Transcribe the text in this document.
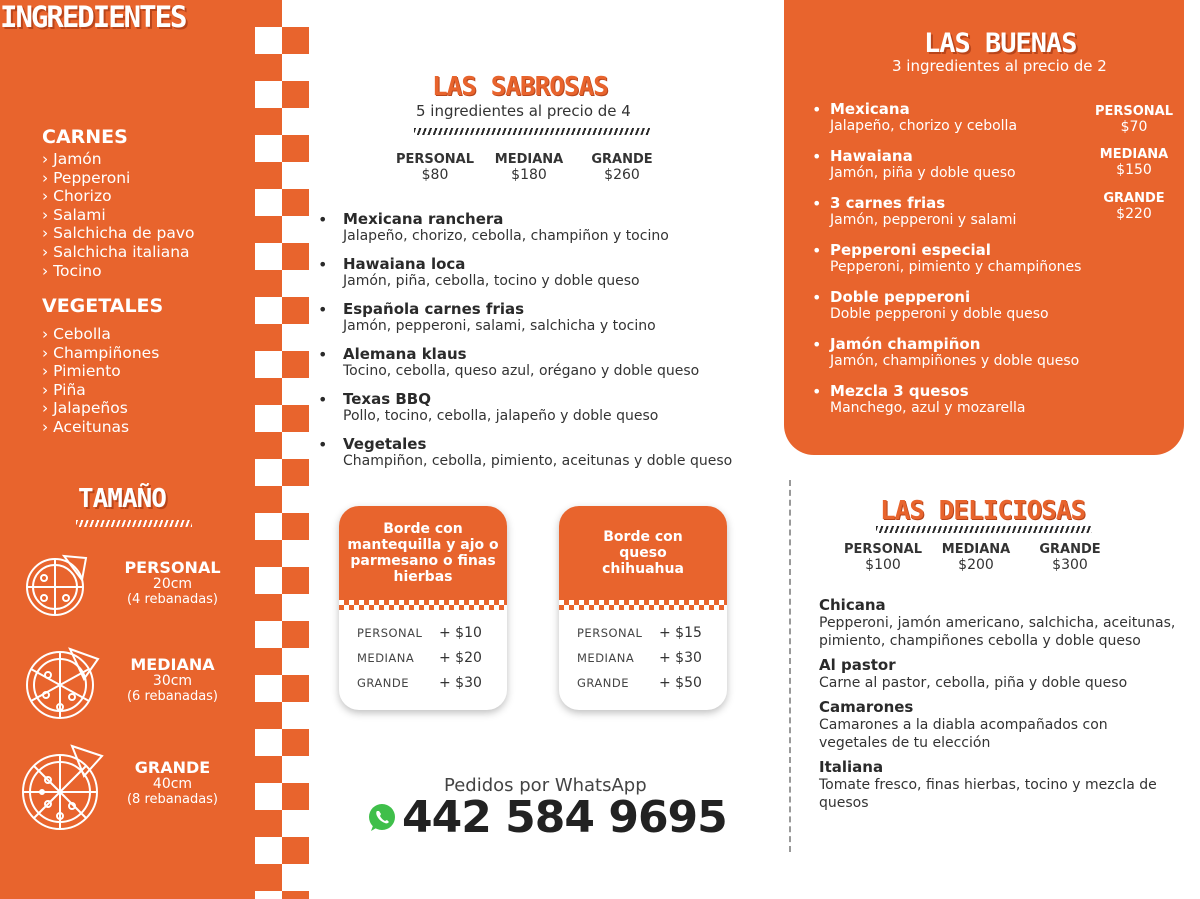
INGREDIENTES
CARNES
› Jamón
› Pepperoni
› Chorizo
› Salami
› Salchicha de pavo
› Salchicha italiana
› Tocino
VEGETALES
› Cebolla
› Champiñones
› Pimiento
› Piña
› Jalapeños
› Aceitunas
TAMAÑO
PERSONAL
20cm
(4 rebanadas)
MEDIANA
30cm
(6 rebanadas)
GRANDE
40cm
(8 rebanadas)
LAS SABROSAS
5 ingredientes al precio de 4
PERSONAL
$80
MEDIANA
$180
GRANDE
$260
• Mexicana ranchera
Jalapeño, chorizo, cebolla, champiñon y tocino
• Hawaiana loca
Jamón, piña, cebolla, tocino y doble queso
• Española carnes frias
Jamón, pepperoni, salami, salchicha y tocino
• Alemana klaus
Tocino, cebolla, queso azul, orégano y doble queso
• Texas BBQ
Pollo, tocino, cebolla, jalapeño y doble queso
• Vegetales
Champiñon, cebolla, pimiento, aceitunas y doble queso
Borde con mantequilla y ajo o parmesano o finas hierbas
PERSONAL	+ $10
MEDIANA	+ $20
GRANDE	+ $30
Borde con queso chihuahua
PERSONAL	+ $15
MEDIANA	+ $30
GRANDE	+ $50
Pedidos por WhatsApp
442 584 9695
LAS BUENAS
3 ingredientes al precio de 2
• Mexicana
Jalapeño, chorizo y cebolla
• Hawaiana
Jamón, piña y doble queso
• 3 carnes frias
Jamón, pepperoni y salami
• Pepperoni especial
Pepperoni, pimiento y champiñones
• Doble pepperoni
Doble pepperoni y doble queso
• Jamón champiñon
Jamón, champiñones y doble queso
• Mezcla 3 quesos
Manchego, azul y mozarella
PERSONAL
$70
MEDIANA
$150
GRANDE
$220
LAS DELICIOSAS
PERSONAL
$100
MEDIANA
$200
GRANDE
$300
Chicana
Pepperoni, jamón americano, salchicha, aceitunas, pimiento, champiñones cebolla y doble queso
Al pastor
Carne al pastor, cebolla, piña y doble queso
Camarones
Camarones a la diabla acompañados con vegetales de tu elección
Italiana
Tomate fresco, finas hierbas, tocino y mezcla de quesos
